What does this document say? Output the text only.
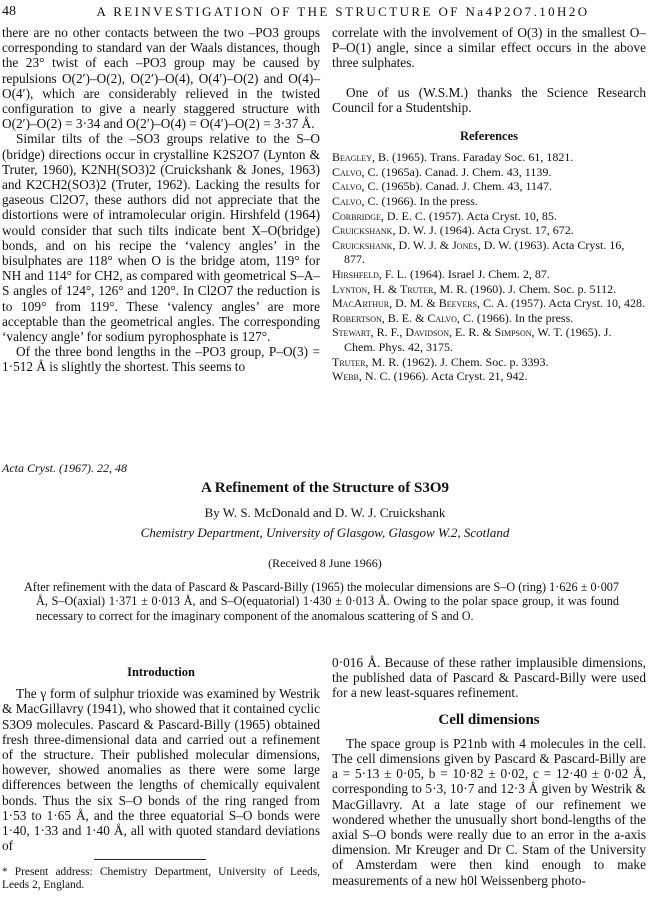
48	A REINVESTIGATION OF THE STRUCTURE OF Na4P2O7.10H2O

there are no other contacts between the two –PO3 groups corresponding to standard van der Waals distances, though the 23° twist of each –PO3 group may be caused by repulsions O(2′)–O(2), O(2′)–O(4), O(4′)–O(2) and O(4)–O(4′), which are considerably relieved in the twisted configuration to give a nearly staggered structure with O(2′)–O(2) = 3·34 and O(2′)–O(4) = O(4′)–O(2) = 3·37 Å.

Similar tilts of the –SO3 groups relative to the S–O (bridge) directions occur in crystalline K2S2O7 (Lynton & Truter, 1960), K2NH(SO3)2 (Cruickshank & Jones, 1963) and K2CH2(SO3)2 (Truter, 1962). Lacking the results for gaseous Cl2O7, these authors did not appreciate that the distortions were of intramolecular origin. Hirshfeld (1964) would consider that such tilts indicate bent X–O(bridge) bonds, and on his recipe the ‘valency angles’ in the bisulphates are 118° when O is the bridge atom, 119° for NH and 114° for CH2, as compared with geometrical S–A–S angles of 124°, 126° and 120°. In Cl2O7 the reduction is to 109° from 119°. These ‘valency angles’ are more acceptable than the geometrical angles. The corresponding ‘valency angle’ for sodium pyrophosphate is 127°.

Of the three bond lengths in the –PO3 group, P–O(3) = 1·512 Å is slightly the shortest. This seems to

correlate with the involvement of O(3) in the smallest O–P–O(1) angle, since a similar effect occurs in the above three sulphates.

One of us (W.S.M.) thanks the Science Research Council for a Studentship.

References

Beagley, B. (1965). Trans. Faraday Soc. 61, 1821.

Calvo, C. (1965a). Canad. J. Chem. 43, 1139.

Calvo, C. (1965b). Canad. J. Chem. 43, 1147.

Calvo, C. (1966). In the press.

Corbridge, D. E. C. (1957). Acta Cryst. 10, 85.

Cruickshank, D. W. J. (1964). Acta Cryst. 17, 672.

Cruickshank, D. W. J. & Jones, D. W. (1963). Acta Cryst. 16, 877.

Hirshfeld, F. L. (1964). Israel J. Chem. 2, 87.

Lynton, H. & Truter, M. R. (1960). J. Chem. Soc. p. 5112.

MacArthur, D. M. & Beevers, C. A. (1957). Acta Cryst. 10, 428.

Robertson, B. E. & Calvo, C. (1966). In the press.

Stewart, R. F., Davidson, E. R. & Simpson, W. T. (1965). J. Chem. Phys. 42, 3175.

Truter, M. R. (1962). J. Chem. Soc. p. 3393.

Webb, N. C. (1966). Acta Cryst. 21, 942.

Acta Cryst. (1967). 22, 48
A Refinement of the Structure of S3O9
By W. S. McDonald and D. W. J. Cruickshank
Chemistry Department, University of Glasgow, Glasgow W.2, Scotland
(Received 8 June 1966)

After refinement with the data of Pascard & Pascard-Billy (1965) the molecular dimensions are S–O (ring) 1·626 ± 0·007 Å, S–O(axial) 1·371 ± 0·013 Å, and S–O(equatorial) 1·430 ± 0·013 Å. Owing to the polar space group, it was found necessary to correct for the imaginary component of the anomalous scattering of S and O.

Introduction

The γ form of sulphur trioxide was examined by Westrik & MacGillavry (1941), who showed that it contained cyclic S3O9 molecules. Pascard & Pascard-Billy (1965) obtained fresh three-dimensional data and carried out a refinement of the structure. Their published molecular dimensions, however, showed anomalies as there were some large differences between the lengths of chemically equivalent bonds. Thus the six S–O bonds of the ring ranged from 1·53 to 1·65 Å, and the three equatorial S–O bonds were 1·40, 1·33 and 1·40 Å, all with quoted standard deviations of

0·016 Å. Because of these rather implausible dimensions, the published data of Pascard & Pascard-Billy were used for a new least-squares refinement.

Cell dimensions

The space group is P21nb with 4 molecules in the cell. The cell dimensions given by Pascard & Pascard-Billy are a = 5·13 ± 0·05, b = 10·82 ± 0·02, c = 12·40 ± 0·02 Å, corresponding to 5·3, 10·7 and 12·3 Å given by Westrik & MacGillavry. At a late stage of our refinement we wondered whether the unusually short bond-lengths of the axial S–O bonds were really due to an error in the a-axis dimension. Mr Kreuger and Dr C. Stam of the University of Amsterdam were then kind enough to make measurements of a new h0l Weissenberg photo-

* Present address: Chemistry Department, University of Leeds, Leeds 2, England.
